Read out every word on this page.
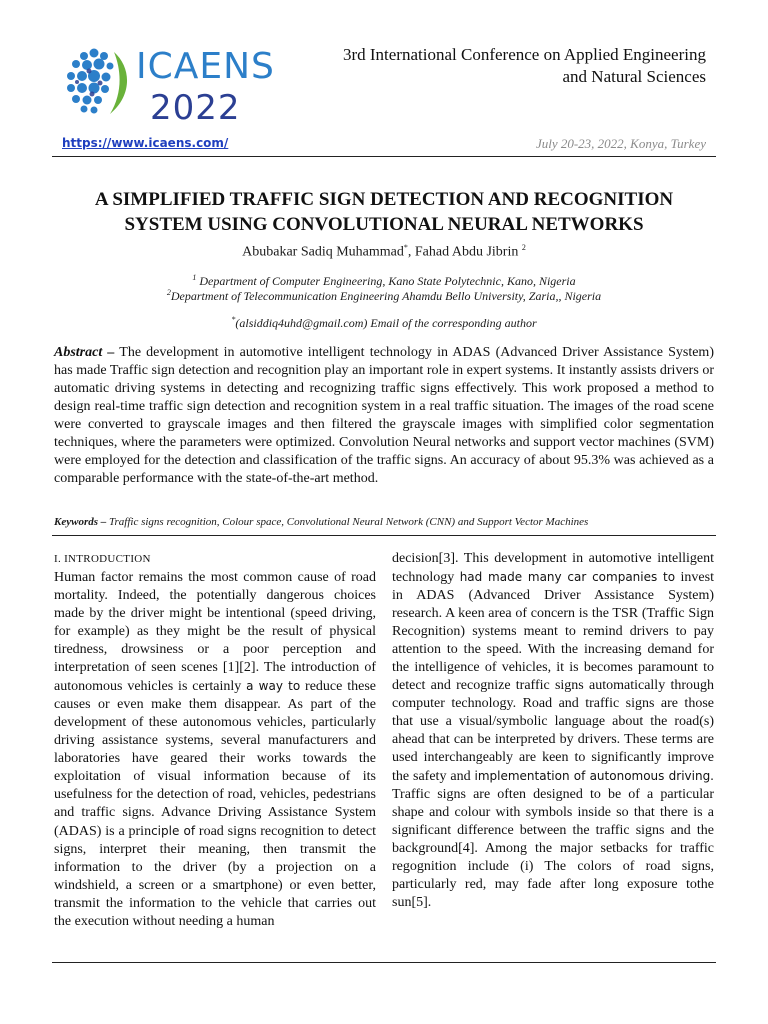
ICAENS
2022
3rd International Conference on Applied Engineering
and Natural Sciences
https://www.icaens.com/	July 20-23, 2022, Konya, Turkey
A SIMPLIFIED TRAFFIC SIGN DETECTION AND RECOGNITION
SYSTEM USING CONVOLUTIONAL NEURAL NETWORKS
Abubakar Sadiq Muhammad*, Fahad Abdu Jibrin $^2$
$^1$ Department of Computer Engineering, Kano State Polytechnic, Kano, Nigeria
$^2$Department of Telecommunication Engineering Ahamdu Bello University, Zaria,, Nigeria
*(alsiddiq4uhd@gmail.com) Email of the corresponding author
Abstract – The development in automotive intelligent technology in ADAS (Advanced Driver Assistance System) has made Traffic sign detection and recognition play an important role in expert systems. It instantly assists drivers or automatic driving systems in detecting and recognizing traffic signs effectively. This work proposed a method to design real-time traffic sign detection and recognition system in a real traffic situation. The images of the road scene were converted to grayscale images and then filtered the grayscale images with simplified color segmentation techniques, where the parameters were optimized. Convolution Neural networks and support vector machines (SVM) were employed for the detection and classification of the traffic signs. An accuracy of about 95.3% was achieved as a comparable performance with the state-of-the-art method.
Keywords – Traffic signs recognition, Colour space, Convolutional Neural Network (CNN) and Support Vector Machines
I. INTRODUCTION
Human factor remains the most common cause of road mortality. Indeed, the potentially dangerous choices made by the driver might be intentional (speed driving, for example) as they might be the result of physical tiredness, drowsiness or a poor perception and interpretation of seen scenes [1][2]. The introduction of autonomous vehicles is certainly a way to reduce these causes or even make them disappear. As part of the development of these autonomous vehicles, particularly driving assistance systems, several manufacturers and laboratories have geared their works towards the exploitation of visual information because of its usefulness for the detection of road, vehicles, pedestrians and traffic signs. Advance Driving Assistance System (ADAS) is a principle of road signs recognition to detect signs, interpret their meaning, then transmit the information to the driver (by a projection on a windshield, a screen or a smartphone) or even better, transmit the information to the vehicle that carries out the execution without needing a human
decision[3]. This development in automotive intelligent technology had made many car companies to invest in ADAS (Advanced Driver Assistance System) research. A keen area of concern is the TSR (Traffic Sign Recognition) systems meant to remind drivers to pay attention to the speed. With the increasing demand for the intelligence of vehicles, it is becomes paramount to detect and recognize traffic signs automatically through computer technology. Road and traffic signs are those that use a visual/symbolic language about the road(s) ahead that can be interpreted by drivers. These terms are used interchangeably are keen to significantly improve the safety and implementation of autonomous driving. Traffic signs are often designed to be of a particular shape and colour with symbols inside so that there is a significant difference between the traffic signs and the background[4]. Among the major setbacks for traffic regognition include (i) The colors of road signs, particularly red, may fade after long exposure tothe sun[5].
